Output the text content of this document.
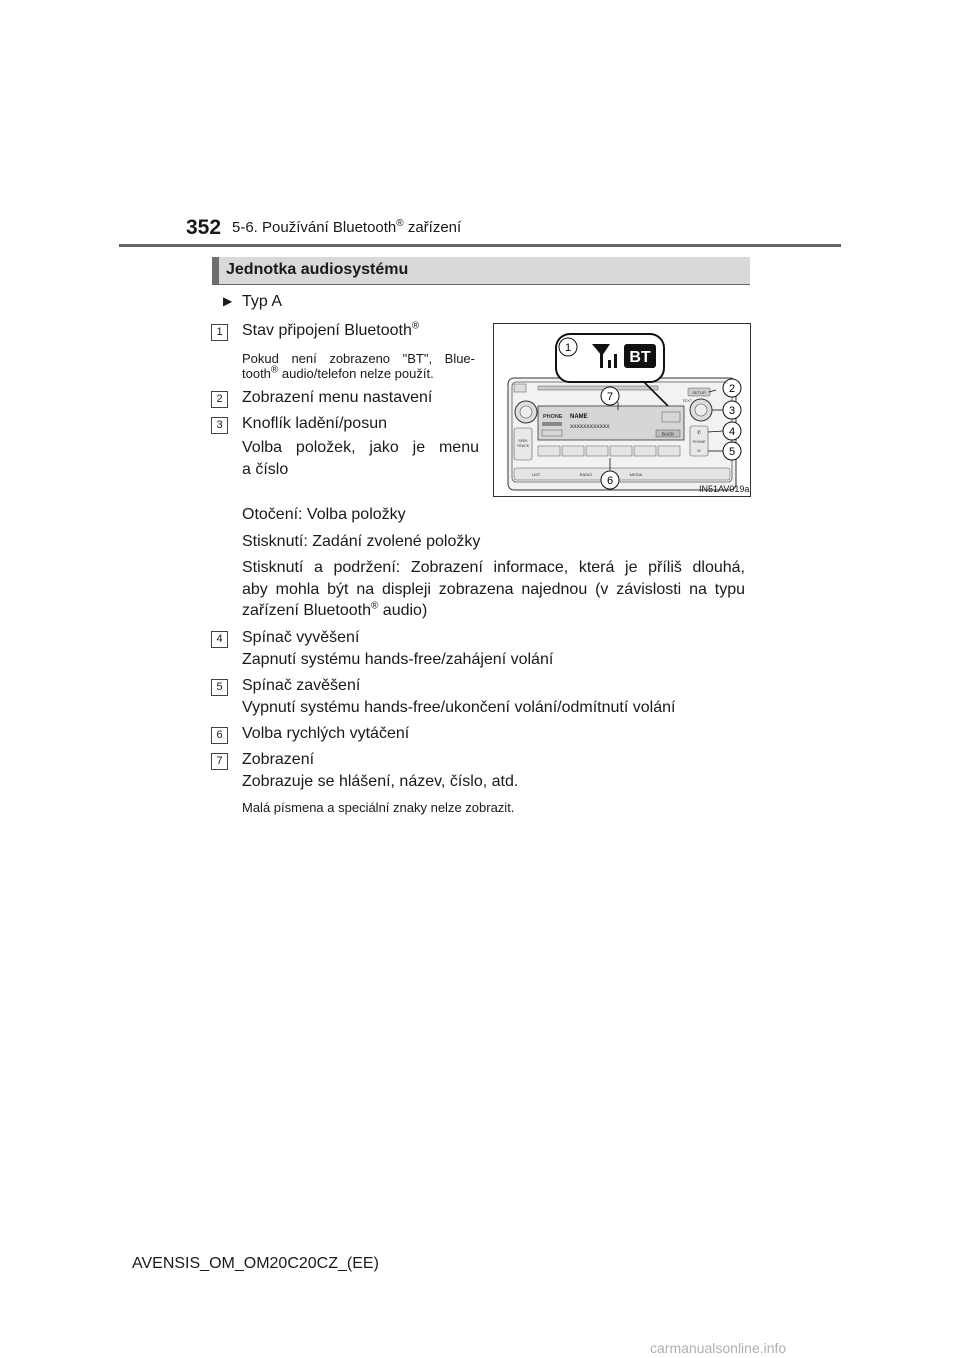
352 5-6. Používání Bluetooth® zařízení
Jednotka audiosystému
▶ Typ A
1	Stav připojení Bluetooth®
Pokud není zobrazeno "BT", Blue-
tooth® audio/telefon nelze použít.
2	Zobrazení menu nastavení
3	Knoflík ladění/posun
Volba položek, jako je menu
a číslo
Otočení: Volba položky
Stisknutí: Zadání zvolené položky
Stisknutí a podržení: Zobrazení informace, která je příliš dlouhá,
aby mohla být na displeji zobrazena najednou (v závislosti na typu
zařízení Bluetooth® audio)
4	Spínač vyvěšení
Zapnutí systému hands-free/zahájení volání
5	Spínač zavěšení
Vypnutí systému hands-free/ukončení volání/odmítnutí volání
6	Volba rychlých vytáčení
7	Zobrazení
Zobrazuje se hlášení, název, číslo, atd.
Malá písmena a speciální znaky nelze zobrazit.
SETUP
TEXT
PHONE NAME
XXXXXXXXXXXX
BACK
SEEK
TRACK
✆
PHONE
☏
LIST	RADIO	MEDIA
BT
1
2
3
4
5
6
7
IN51AV019a
AVENSIS_OM_OM20C20CZ_(EE)
carmanualsonline.info
